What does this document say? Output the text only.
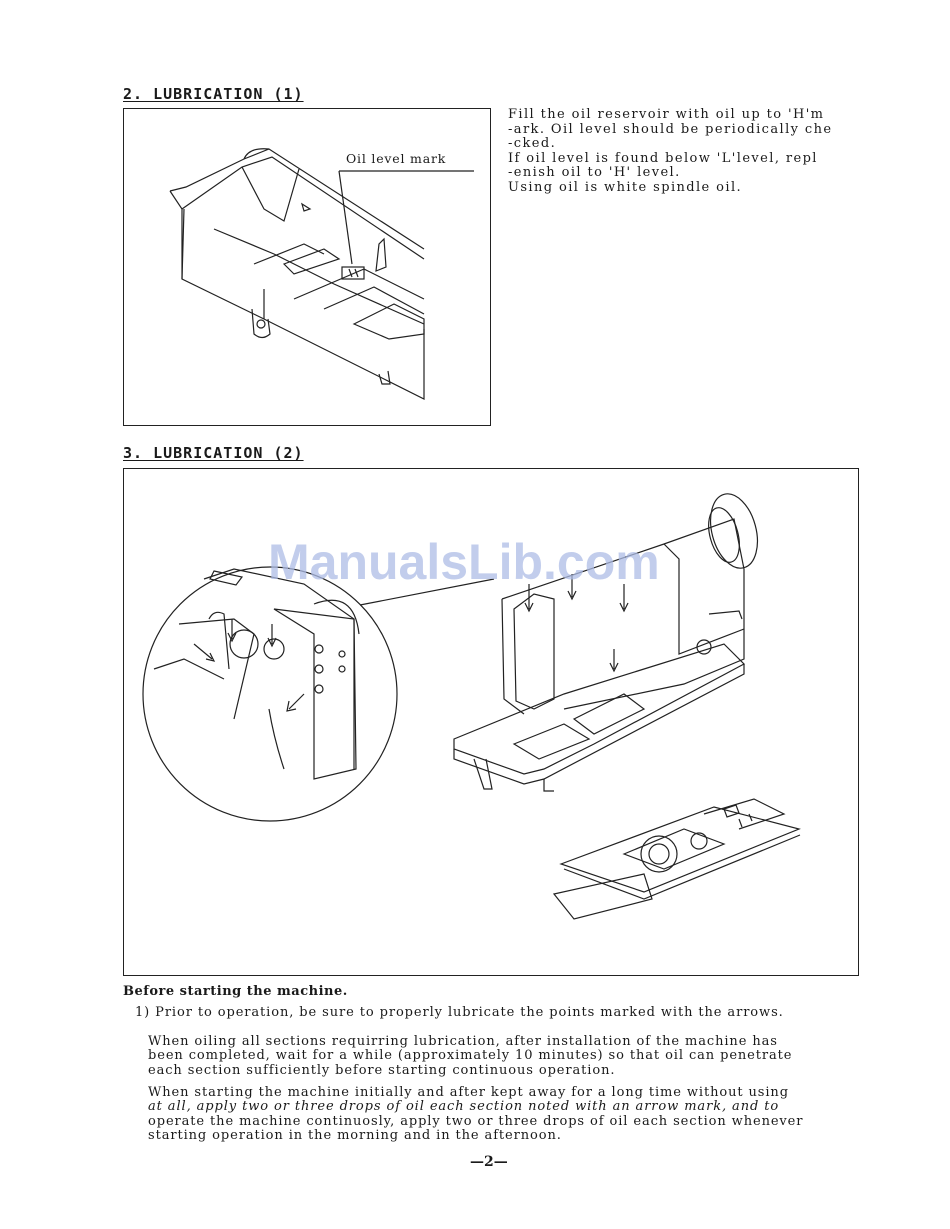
2. LUBRICATION (1)
Oil level mark
Fill the oil reservoir with oil up to 'H'm
-ark. Oil level should be periodically che
-cked.
If oil level is found below 'L'level, repl
-enish oil to 'H' level.
Using oil is white spindle oil.
3. LUBRICATION (2)
ManualsLib.com
Before starting the machine.
1) Prior to operation, be sure to properly lubricate the points marked with the arrows.
When oiling all sections requirring lubrication, after installation of the machine has
been completed, wait for a while (approximately 10 minutes) so that oil can penetrate
each section sufficiently before starting continuous operation.
When starting the machine initially and after kept away for a long time without using
at all, apply two or three drops of oil each section noted with an arrow mark, and to
operate the machine continuosly, apply two or three drops of oil each section whenever
starting operation in the morning and in the afternoon.
—2—
